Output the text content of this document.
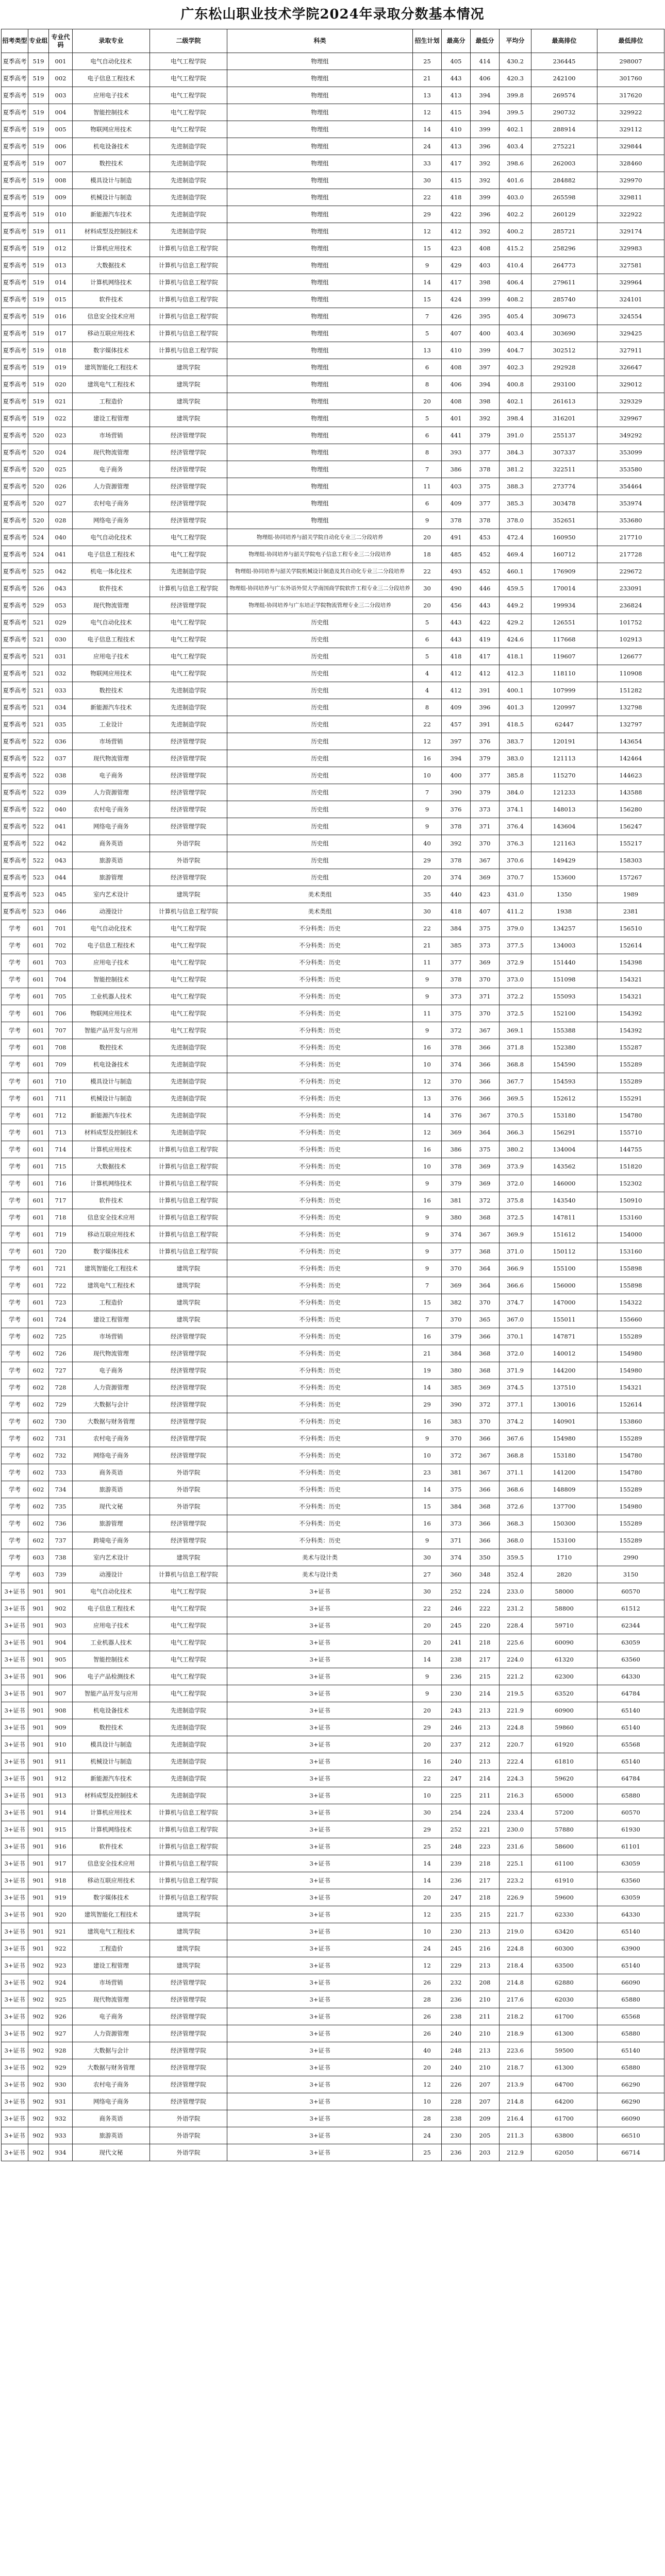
广东松山职业技术学院2024年录取分数基本情况
招考类型	专业组	专业代码	录取专业	二级学院	科类	招生计划	最高分	最低分	平均分	最高排位	最低排位
夏季高考	519	001	电气自动化技术	电气工程学院	物理组	25	405	414	430.2	236445	298007
夏季高考	519	002	电子信息工程技术	电气工程学院	物理组	21	443	406	420.3	242100	301760
夏季高考	519	003	应用电子技术	电气工程学院	物理组	13	413	394	399.8	269574	317620
夏季高考	519	004	智能控制技术	电气工程学院	物理组	12	415	394	399.5	290732	329922
夏季高考	519	005	物联网应用技术	电气工程学院	物理组	14	410	399	402.1	288914	329112
夏季高考	519	006	机电设备技术	先进制造学院	物理组	24	413	396	403.4	275221	329844
夏季高考	519	007	数控技术	先进制造学院	物理组	33	417	392	398.6	262003	328460
夏季高考	519	008	模具设计与制造	先进制造学院	物理组	30	415	392	401.6	284882	329970
夏季高考	519	009	机械设计与制造	先进制造学院	物理组	22	418	399	403.0	265598	329811
夏季高考	519	010	新能源汽车技术	先进制造学院	物理组	29	422	396	402.2	260129	322922
夏季高考	519	011	材料成型及控制技术	先进制造学院	物理组	12	412	392	400.2	285721	329174
夏季高考	519	012	计算机应用技术	计算机与信息工程学院	物理组	15	423	408	415.2	258296	329983
夏季高考	519	013	大数据技术	计算机与信息工程学院	物理组	9	429	403	410.4	264773	327581
夏季高考	519	014	计算机网络技术	计算机与信息工程学院	物理组	14	417	398	406.4	279611	329964
夏季高考	519	015	软件技术	计算机与信息工程学院	物理组	15	424	399	408.2	285740	324101
夏季高考	519	016	信息安全技术应用	计算机与信息工程学院	物理组	7	426	395	405.4	309673	324554
夏季高考	519	017	移动互联应用技术	计算机与信息工程学院	物理组	5	407	400	403.4	303690	329425
夏季高考	519	018	数字媒体技术	计算机与信息工程学院	物理组	13	410	399	404.7	302512	327911
夏季高考	519	019	建筑智能化工程技术	建筑学院	物理组	6	408	397	402.3	292928	326647
夏季高考	519	020	建筑电气工程技术	建筑学院	物理组	8	406	394	400.8	293100	329012
夏季高考	519	021	工程造价	建筑学院	物理组	20	408	398	402.1	261613	329329
夏季高考	519	022	建设工程管理	建筑学院	物理组	5	401	392	398.4	316201	329967
夏季高考	520	023	市场营销	经济管理学院	物理组	6	441	379	391.0	255137	349292
夏季高考	520	024	现代物流管理	经济管理学院	物理组	8	393	377	384.3	307337	353099
夏季高考	520	025	电子商务	经济管理学院	物理组	7	386	378	381.2	322511	353580
夏季高考	520	026	人力资源管理	经济管理学院	物理组	11	403	375	388.3	273774	354464
夏季高考	520	027	农村电子商务	经济管理学院	物理组	6	409	377	385.3	303478	353974
夏季高考	520	028	网络电子商务	经济管理学院	物理组	9	378	378	378.0	352651	353680
夏季高考	524	040	电气自动化技术	电气工程学院	物理组-协同培养与韶关学院自动化专业三二分段培养	20	491	453	472.4	160950	217710
夏季高考	524	041	电子信息工程技术	电气工程学院	物理组-协同培养与韶关学院电子信息工程专业三二分段培养	18	485	452	469.4	160712	217728
夏季高考	525	042	机电一体化技术	先进制造学院	物理组-协同培养与韶关学院机械设计制造及其自动化专业三二分段培养	22	493	452	460.1	176909	229672
夏季高考	526	043	软件技术	计算机与信息工程学院	物理组-协同培养与广东外语外贸大学南国商学院软件工程专业三二分段培养	30	490	446	459.5	170014	233091
夏季高考	529	053	现代物流管理	经济管理学院	物理组-协同培养与广东培正学院物流管理专业三二分段培养	20	456	443	449.2	199934	236824
夏季高考	521	029	电气自动化技术	电气工程学院	历史组	5	443	422	429.2	126551	101752
夏季高考	521	030	电子信息工程技术	电气工程学院	历史组	6	443	419	424.6	117668	102913
夏季高考	521	031	应用电子技术	电气工程学院	历史组	5	418	417	418.1	119607	126677
夏季高考	521	032	物联网应用技术	电气工程学院	历史组	4	412	412	412.3	118110	110908
夏季高考	521	033	数控技术	先进制造学院	历史组	4	412	391	400.1	107999	151282
夏季高考	521	034	新能源汽车技术	先进制造学院	历史组	8	409	396	401.3	120997	132798
夏季高考	521	035	工业设计	先进制造学院	历史组	22	457	391	418.5	62447	132797
夏季高考	522	036	市场营销	经济管理学院	历史组	12	397	376	383.7	120191	143654
夏季高考	522	037	现代物流管理	经济管理学院	历史组	16	394	379	383.0	121113	142464
夏季高考	522	038	电子商务	经济管理学院	历史组	10	400	377	385.8	115270	144623
夏季高考	522	039	人力资源管理	经济管理学院	历史组	7	390	379	384.0	121233	143588
夏季高考	522	040	农村电子商务	经济管理学院	历史组	9	376	373	374.1	148013	156280
夏季高考	522	041	网络电子商务	经济管理学院	历史组	9	378	371	376.4	143604	156247
夏季高考	522	042	商务英语	外语学院	历史组	40	392	370	376.3	121163	155217
夏季高考	522	043	旅游英语	外语学院	历史组	29	378	367	370.6	149429	158303
夏季高考	523	044	旅游管理	经济管理学院	历史组	20	374	369	370.7	153600	157267
夏季高考	523	045	室内艺术设计	建筑学院	美术类组	35	440	423	431.0	1350	1989
夏季高考	523	046	动漫设计	计算机与信息工程学院	美术类组	30	418	407	411.2	1938	2381
学考	601	701	电气自动化技术	电气工程学院	不分科类：历史	22	384	375	379.0	134257	156510
学考	601	702	电子信息工程技术	电气工程学院	不分科类：历史	21	385	373	377.5	134003	152614
学考	601	703	应用电子技术	电气工程学院	不分科类：历史	11	377	369	372.9	151440	154398
学考	601	704	智能控制技术	电气工程学院	不分科类：历史	9	378	370	373.0	151098	154321
学考	601	705	工业机器人技术	电气工程学院	不分科类：历史	9	373	371	372.2	155093	154321
学考	601	706	物联网应用技术	电气工程学院	不分科类：历史	11	375	370	372.5	152100	154392
学考	601	707	智能产品开发与应用	电气工程学院	不分科类：历史	9	372	367	369.1	155388	154392
学考	601	708	数控技术	先进制造学院	不分科类：历史	16	378	366	371.8	152380	155287
学考	601	709	机电设备技术	先进制造学院	不分科类：历史	10	374	366	368.8	154590	155289
学考	601	710	模具设计与制造	先进制造学院	不分科类：历史	12	370	366	367.7	154593	155289
学考	601	711	机械设计与制造	先进制造学院	不分科类：历史	13	376	366	369.5	152612	155291
学考	601	712	新能源汽车技术	先进制造学院	不分科类：历史	14	376	367	370.5	153180	154780
学考	601	713	材料成型及控制技术	先进制造学院	不分科类：历史	12	369	364	366.3	156291	155710
学考	601	714	计算机应用技术	计算机与信息工程学院	不分科类：历史	16	386	375	380.2	134004	144755
学考	601	715	大数据技术	计算机与信息工程学院	不分科类：历史	10	378	369	373.9	143562	151820
学考	601	716	计算机网络技术	计算机与信息工程学院	不分科类：历史	9	379	369	372.0	146000	152302
学考	601	717	软件技术	计算机与信息工程学院	不分科类：历史	16	381	372	375.8	143540	150910
学考	601	718	信息安全技术应用	计算机与信息工程学院	不分科类：历史	9	380	368	372.5	147811	153160
学考	601	719	移动互联应用技术	计算机与信息工程学院	不分科类：历史	9	374	367	369.9	151612	154000
学考	601	720	数字媒体技术	计算机与信息工程学院	不分科类：历史	9	377	368	371.0	150112	153160
学考	601	721	建筑智能化工程技术	建筑学院	不分科类：历史	9	370	364	366.9	155100	155898
学考	601	722	建筑电气工程技术	建筑学院	不分科类：历史	7	369	364	366.6	156000	155898
学考	601	723	工程造价	建筑学院	不分科类：历史	15	382	370	374.7	147000	154322
学考	601	724	建设工程管理	建筑学院	不分科类：历史	7	370	365	367.0	155011	155660
学考	602	725	市场营销	经济管理学院	不分科类：历史	16	379	366	370.1	147871	155289
学考	602	726	现代物流管理	经济管理学院	不分科类：历史	21	384	368	372.0	140012	154980
学考	602	727	电子商务	经济管理学院	不分科类：历史	19	380	368	371.9	144200	154980
学考	602	728	人力资源管理	经济管理学院	不分科类：历史	14	385	369	374.5	137510	154321
学考	602	729	大数据与会计	经济管理学院	不分科类：历史	29	390	372	377.1	130016	152614
学考	602	730	大数据与财务管理	经济管理学院	不分科类：历史	16	383	370	374.2	140901	153860
学考	602	731	农村电子商务	经济管理学院	不分科类：历史	9	370	366	367.6	154980	155289
学考	602	732	网络电子商务	经济管理学院	不分科类：历史	10	372	367	368.8	153180	154780
学考	602	733	商务英语	外语学院	不分科类：历史	23	381	367	371.1	141200	154780
学考	602	734	旅游英语	外语学院	不分科类：历史	14	375	366	368.6	148809	155289
学考	602	735	现代文秘	外语学院	不分科类：历史	15	384	368	372.6	137700	154980
学考	602	736	旅游管理	经济管理学院	不分科类：历史	16	373	366	368.3	150300	155289
学考	602	737	跨境电子商务	经济管理学院	不分科类：历史	9	371	366	368.0	153100	155289
学考	603	738	室内艺术设计	建筑学院	美术与设计类	30	374	350	359.5	1710	2990
学考	603	739	动漫设计	计算机与信息工程学院	美术与设计类	27	360	348	352.4	2820	3150
3+证书	901	901	电气自动化技术	电气工程学院	3+证书	30	252	224	233.0	58000	60570
3+证书	901	902	电子信息工程技术	电气工程学院	3+证书	22	246	222	231.2	58800	61512
3+证书	901	903	应用电子技术	电气工程学院	3+证书	20	245	220	228.4	59710	62344
3+证书	901	904	工业机器人技术	电气工程学院	3+证书	20	241	218	225.6	60090	63059
3+证书	901	905	智能控制技术	电气工程学院	3+证书	14	238	217	224.0	61320	63560
3+证书	901	906	电子产品检测技术	电气工程学院	3+证书	9	236	215	221.2	62300	64330
3+证书	901	907	智能产品开发与应用	电气工程学院	3+证书	9	230	214	219.5	63520	64784
3+证书	901	908	机电设备技术	先进制造学院	3+证书	20	243	213	221.9	60900	65140
3+证书	901	909	数控技术	先进制造学院	3+证书	29	246	213	224.8	59860	65140
3+证书	901	910	模具设计与制造	先进制造学院	3+证书	20	237	212	220.7	61920	65568
3+证书	901	911	机械设计与制造	先进制造学院	3+证书	16	240	213	222.4	61810	65140
3+证书	901	912	新能源汽车技术	先进制造学院	3+证书	22	247	214	224.3	59620	64784
3+证书	901	913	材料成型及控制技术	先进制造学院	3+证书	10	225	211	216.3	65000	65880
3+证书	901	914	计算机应用技术	计算机与信息工程学院	3+证书	30	254	224	233.4	57200	60570
3+证书	901	915	计算机网络技术	计算机与信息工程学院	3+证书	29	252	221	230.0	57880	61930
3+证书	901	916	软件技术	计算机与信息工程学院	3+证书	25	248	223	231.6	58600	61101
3+证书	901	917	信息安全技术应用	计算机与信息工程学院	3+证书	14	239	218	225.1	61100	63059
3+证书	901	918	移动互联应用技术	计算机与信息工程学院	3+证书	14	236	217	223.2	61910	63560
3+证书	901	919	数字媒体技术	计算机与信息工程学院	3+证书	20	247	218	226.9	59600	63059
3+证书	901	920	建筑智能化工程技术	建筑学院	3+证书	12	235	215	221.7	62330	64330
3+证书	901	921	建筑电气工程技术	建筑学院	3+证书	10	230	213	219.0	63420	65140
3+证书	901	922	工程造价	建筑学院	3+证书	24	245	216	224.8	60300	63900
3+证书	902	923	建设工程管理	建筑学院	3+证书	12	229	213	218.4	63500	65140
3+证书	902	924	市场营销	经济管理学院	3+证书	26	232	208	214.8	62880	66090
3+证书	902	925	现代物流管理	经济管理学院	3+证书	28	236	210	217.6	62030	65880
3+证书	902	926	电子商务	经济管理学院	3+证书	26	238	211	218.2	61700	65568
3+证书	902	927	人力资源管理	经济管理学院	3+证书	26	240	210	218.9	61300	65880
3+证书	902	928	大数据与会计	经济管理学院	3+证书	40	248	213	223.6	59500	65140
3+证书	902	929	大数据与财务管理	经济管理学院	3+证书	20	240	210	218.7	61300	65880
3+证书	902	930	农村电子商务	经济管理学院	3+证书	12	226	207	213.9	64700	66290
3+证书	902	931	网络电子商务	经济管理学院	3+证书	10	228	207	214.8	64200	66290
3+证书	902	932	商务英语	外语学院	3+证书	28	238	209	216.4	61700	66090
3+证书	902	933	旅游英语	外语学院	3+证书	24	230	205	211.3	63800	66510
3+证书	902	934	现代文秘	外语学院	3+证书	25	236	203	212.9	62050	66714
